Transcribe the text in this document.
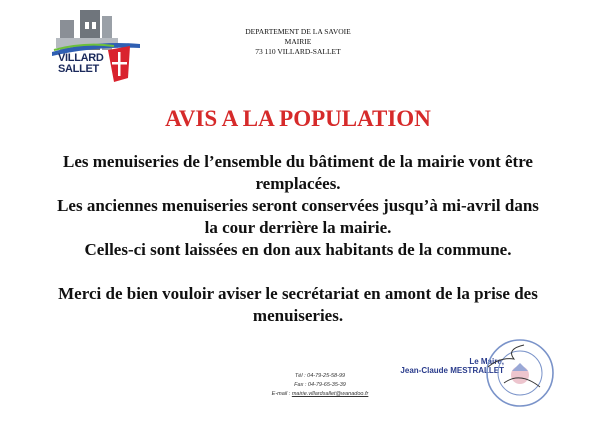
VILLARD
SALLET
DEPARTEMENT DE LA SAVOIE
MAIRIE
73 110 VILLARD-SALLET
AVIS A LA POPULATION

Les menuiseries de l’ensemble du bâtiment de la mairie vont être remplacées.

Les anciennes menuiseries seront conservées jusqu’à mi-avril dans la cour derrière la mairie.

Celles-ci sont laissées en don aux habitants de la commune.

Merci de bien vouloir aviser le secrétariat en amont de la prise des menuiseries.

Tél : 04-79-25-58-99
Fax : 04-79-65-35-39
E-mail : mairie.villardsallet@wanadoo.fr
Le Maire,
Jean-Claude MESTRALLET
